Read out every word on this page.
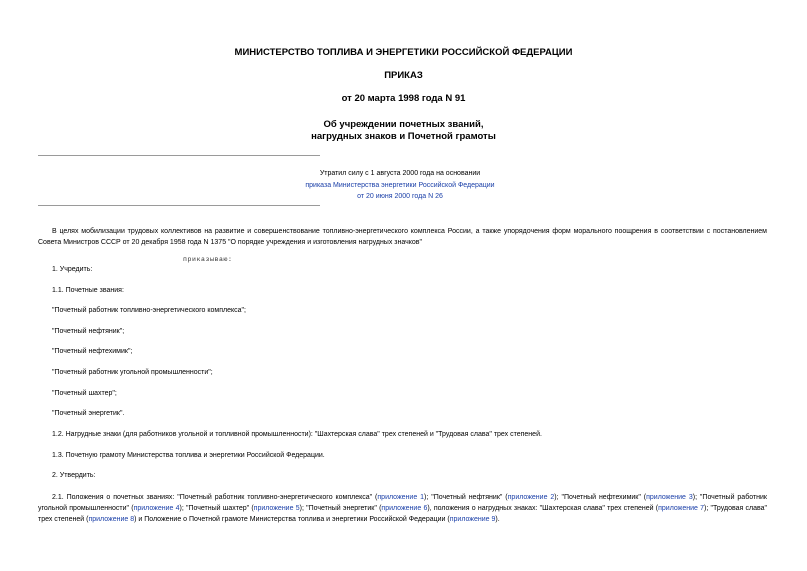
МИНИСТЕРСТВО ТОПЛИВА И ЭНЕРГЕТИКИ РОССИЙСКОЙ ФЕДЕРАЦИИ
ПРИКАЗ
от 20 марта 1998 года N 91
Об учреждении почетных званий,
нагрудных знаков и Почетной грамоты
Утратил силу с 1 августа 2000 года на основании
приказа Министерства энергетики Российской Федерации
от 20 июня 2000 года N 26
В целях мобилизации трудовых коллективов на развитие и совершенствование топливно-энергетического комплекса России, а также упорядочения форм морального поощрения в соответствии с постановлением Совета Министров СССР от 20 декабря 1958 года N 1375 "О порядке учреждения и изготовления нагрудных значков"
приказываю:
1. Учредить:
1.1. Почетные звания:
"Почетный работник топливно-энергетического комплекса";
"Почетный нефтяник";
"Почетный нефтехимик";
"Почетный работник угольной промышленности";
"Почетный шахтер";
"Почетный энергетик".
1.2. Нагрудные знаки (для работников угольной и топливной промышленности): "Шахтерская слава" трех степеней и "Трудовая слава" трех степеней.
1.3. Почетную грамоту Министерства топлива и энергетики Российской Федерации.
2. Утвердить:
2.1. Положения о почетных званиях: "Почетный работник топливно-энергетического комплекса" (приложение 1); "Почетный нефтяник" (приложение 2); "Почетный нефтехимик" (приложение 3); "Почетный работник угольной промышленности" (приложение 4); "Почетный шахтер" (приложение 5); "Почетный энергетик" (приложение 6), положения о нагрудных знаках: "Шахтерская слава" трех степеней (приложение 7); "Трудовая слава" трех степеней (приложение 8) и Положение о Почетной грамоте Министерства топлива и энергетики Российской Федерации (приложение 9).
